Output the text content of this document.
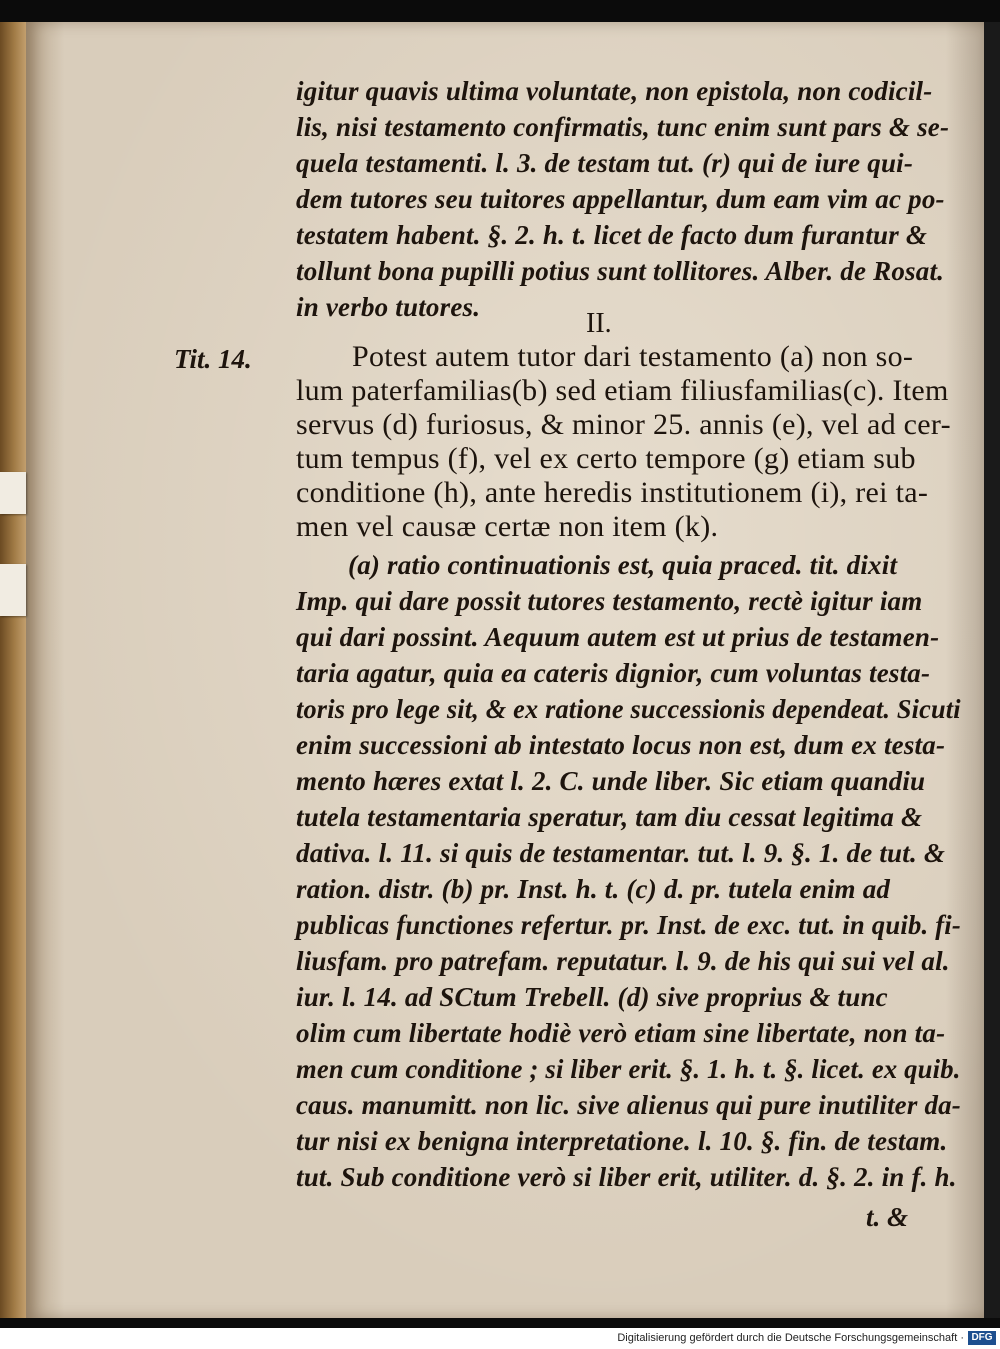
igitur quavis ultima voluntate, non epistola, non codicil-
lis, nisi testamento confirmatis, tunc enim sunt pars & se-
quela testamenti. l. 3. de testam tut. (r) qui de iure qui-
dem tutores seu tuitores appellantur, dum eam vim ac po-
testatem habent. §. 2. h. t. licet de facto dum furantur &
tollunt bona pupilli potius sunt tollitores. Alber. de Rosat.
in verbo tutores.
II.
Tit. 14.	Potest autem tutor dari testamento (a) non so-
lum paterfamilias(b) sed etiam filiusfamilias(c). Item
servus (d) furiosus, & minor 25. annis (e), vel ad cer-
tum tempus (f), vel ex certo tempore (g) etiam sub
conditione (h), ante heredis institutionem (i), rei ta-
men vel causæ certæ non item (k).
(a) ratio continuationis est, quia praced. tit. dixit
Imp. qui dare possit tutores testamento, rectè igitur iam
qui dari possint. Aequum autem est ut prius de testamen-
taria agatur, quia ea cateris dignior, cum voluntas testa-
toris pro lege sit, & ex ratione successionis dependeat. Sicuti
enim successioni ab intestato locus non est, dum ex testa-
mento hæres extat l. 2. C. unde liber. Sic etiam quandiu
tutela testamentaria speratur, tam diu cessat legitima &
dativa. l. 11. si quis de testamentar. tut. l. 9. §. 1. de tut. &
ration. distr. (b) pr. Inst. h. t. (c) d. pr. tutela enim ad
publicas functiones refertur. pr. Inst. de exc. tut. in quib. fi-
liusfam. pro patrefam. reputatur. l. 9. de his qui sui vel al.
iur. l. 14. ad SCtum Trebell. (d) sive proprius & tunc
olim cum libertate hodiè verò etiam sine libertate, non ta-
men cum conditione ; si liber erit. §. 1. h. t. §. licet. ex quib.
caus. manumitt. non lic. sive alienus qui pure inutiliter da-
tur nisi ex benigna interpretatione. l. 10. §. fin. de testam.
tut. Sub conditione verò si liber erit, utiliter. d. §. 2. in f. h.
t. &
Digitalisierung gefördert durch die Deutsche Forschungsgemeinschaft · DFG
